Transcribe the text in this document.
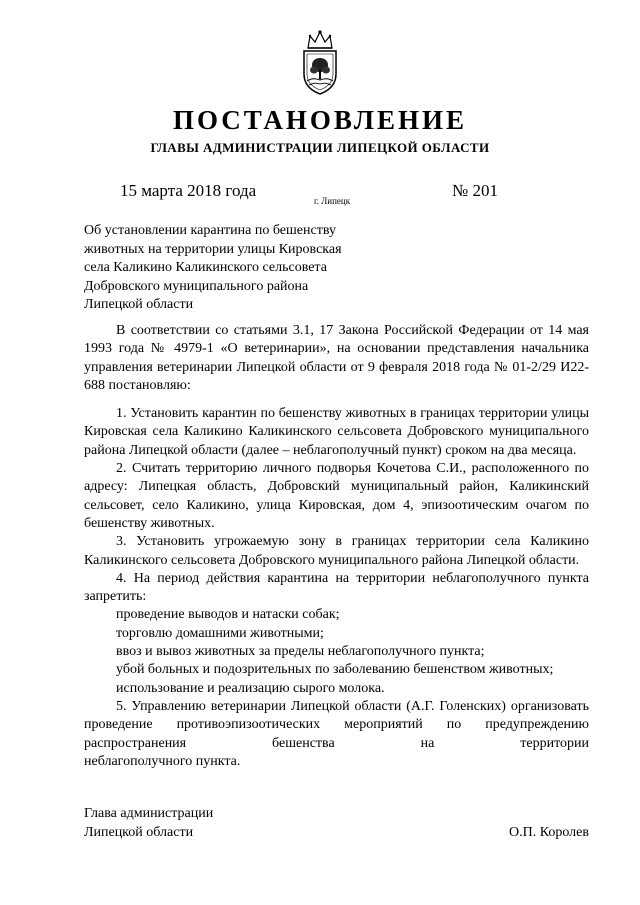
ПОСТАНОВЛЕНИЕ
ГЛАВЫ АДМИНИСТРАЦИИ ЛИПЕЦКОЙ ОБЛАСТИ
15 марта 2018 года
г. Липецк
№ 201
Об установлении карантина по бешенству
животных на территории улицы Кировская
села Каликино Каликинского сельсовета
Добровского муниципального района
Липецкой области

В соответствии со статьями 3.1, 17 Закона Российской Федерации от 14 мая 1993 года № 4979-1 «О ветеринарии», на основании представления начальника управления ветеринарии Липецкой области от 9 февраля 2018 года № 01-2/29 И22-688 постановляю:

1. Установить карантин по бешенству животных в границах территории улицы Кировская села Каликино Каликинского сельсовета Добровского муниципального района Липецкой области (далее – неблагополучный пункт) сроком на два месяца.

2. Считать территорию личного подворья Кочетова С.И., расположенного по адресу: Липецкая область, Добровский муниципальный район, Каликинский сельсовет, село Каликино, улица Кировская, дом 4, эпизоотическим очагом по бешенству животных.

3. Установить угрожаемую зону в границах территории села Каликино Каликинского сельсовета Добровского муниципального района Липецкой области.

4. На период действия карантина на территории неблагополучного пункта запретить:

проведение выводов и натаски собак;

торговлю домашними животными;

ввоз и вывоз животных за пределы неблагополучного пункта;

убой больных и подозрительных по заболеванию бешенством животных;

использование и реализацию сырого молока.

5. Управлению ветеринарии Липецкой области (А.Г. Голенских) организовать проведение противоэпизоотических мероприятий по предупреждению распространения бешенства на территории

неблагополучного пункта.

Глава администрации
Липецкой области	О.П. Королев
